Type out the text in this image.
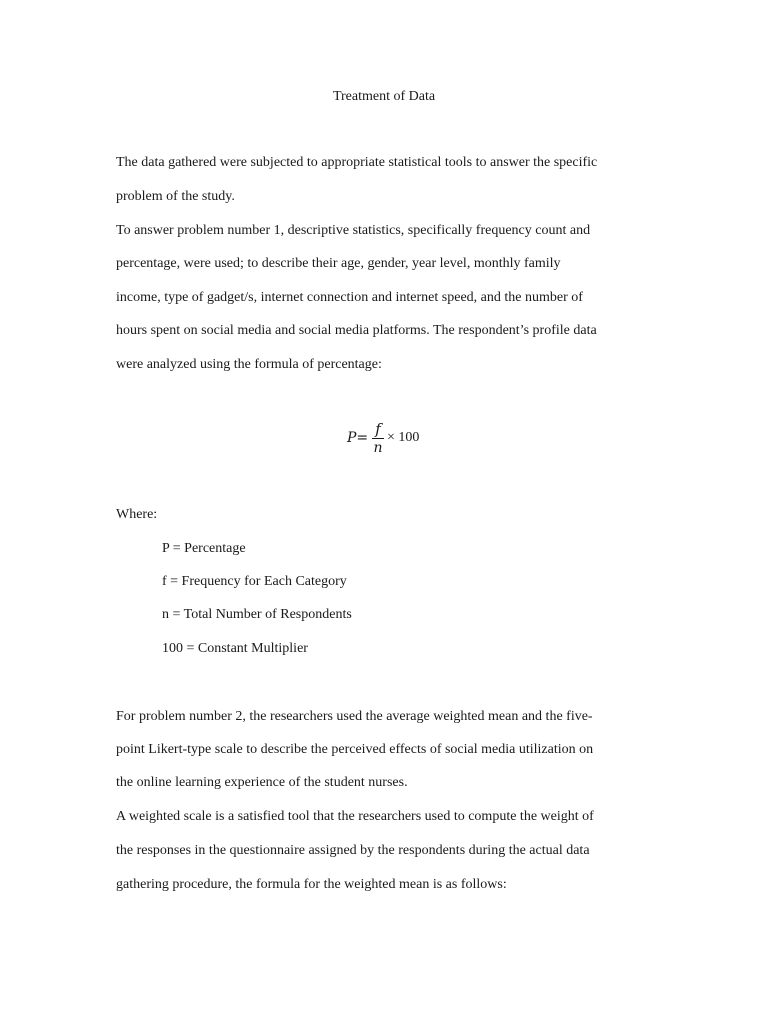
Treatment of Data
The data gathered were subjected to appropriate statistical tools to answer the specific
problem of the study.
To answer problem number 1, descriptive statistics, specifically frequency count and
percentage, were used; to describe their age, gender, year level, monthly family
income, type of gadget/s, internet connection and internet speed, and the number of
hours spent on social media and social media platforms. The respondent’s profile data
were analyzed using the formula of percentage:
P= f
n
× 100
Where:
P = Percentage
f = Frequency for Each Category
n = Total Number of Respondents
100 = Constant Multiplier
For problem number 2, the researchers used the average weighted mean and the five-
point Likert-type scale to describe the perceived effects of social media utilization on
the online learning experience of the student nurses.
A weighted scale is a satisfied tool that the researchers used to compute the weight of
the responses in the questionnaire assigned by the respondents during the actual data
gathering procedure, the formula for the weighted mean is as follows:
